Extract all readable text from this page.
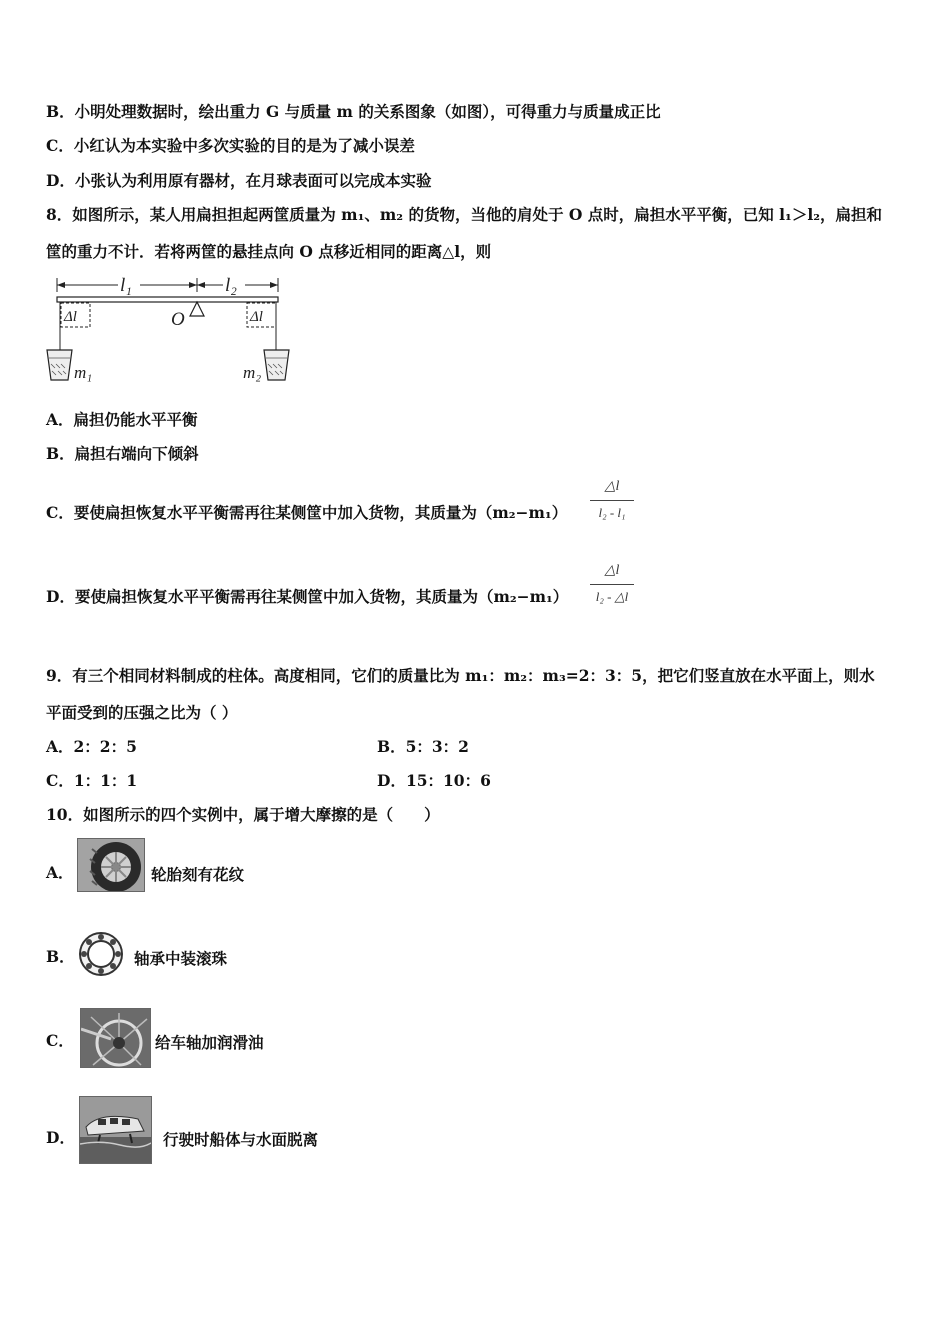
B．小明处理数据时，绘出重力 G 与质量 m 的关系图象（如图），可得重力与质量成正比
C．小红认为本实验中多次实验的目的是为了减小误差
D．小张认为利用原有器材，在月球表面可以完成本实验
8．如图所示，某人用扁担担起两筐质量为 m₁、m₂ 的货物，当他的肩处于 O 点时，扁担水平平衡，已知 l₁＞l₂，扁担和
筐的重力不计．若将两筐的悬挂点向 O 点移近相同的距离△l，则
l₁	l₂
O
Δl	Δl
m₁	m₂
A．扁担仍能水平平衡
B．扁担右端向下倾斜
C．要使扁担恢复水平平衡需再往某侧筐中加入货物，其质量为（m₂−m₁）
△l
l₂ - l₁
D．要使扁担恢复水平平衡需再往某侧筐中加入货物，其质量为（m₂−m₁）
△l
l₂ - △l
9．有三个相同材料制成的柱体。高度相同，它们的质量比为 m₁：m₂：m₃=2：3：5，把它们竖直放在水平面上，则水
平面受到的压强之比为（ ）
A．2：2：5	B．5：3：2
C．1：1：1	D．15：10：6
10．如图所示的四个实例中，属于增大摩擦的是（　　）
A．	轮胎刻有花纹
B．	轴承中装滚珠
C．	给车轴加润滑油
D．	行驶时船体与水面脱离
